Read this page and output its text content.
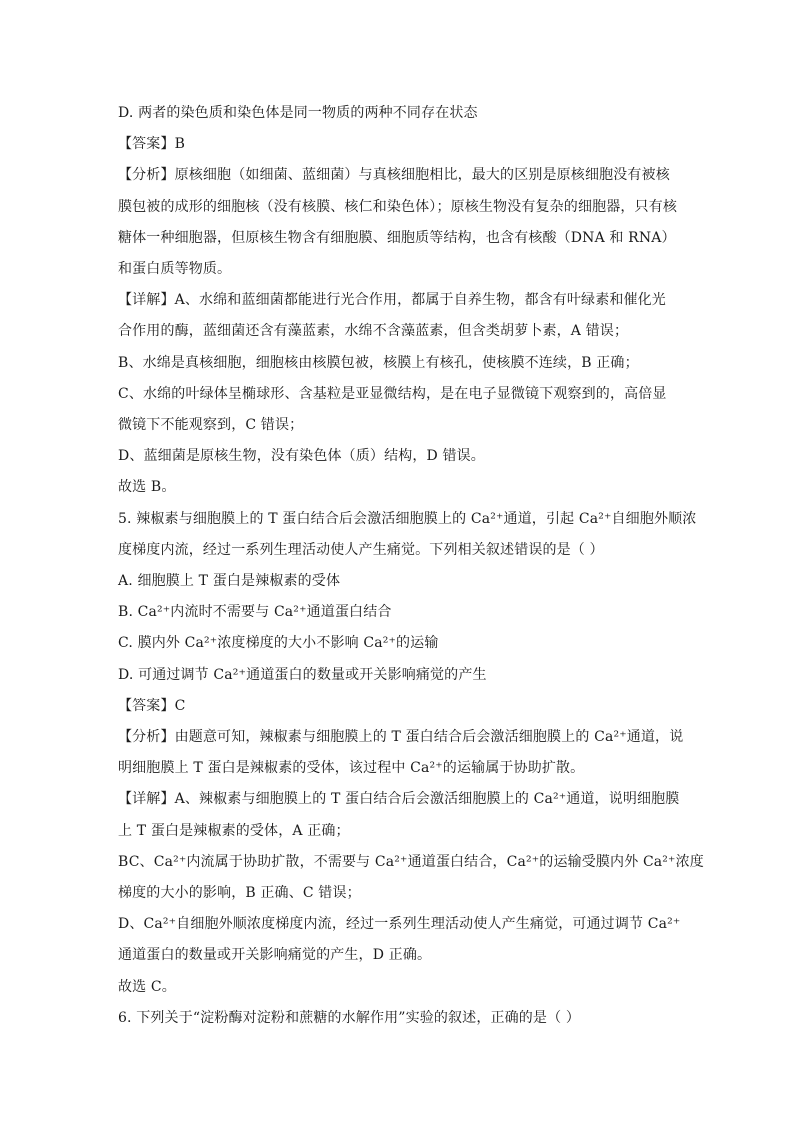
D. 两者的染色质和染色体是同一物质的两种不同存在状态
【答案】B
【分析】原核细胞（如细菌、蓝细菌）与真核细胞相比，最大的区别是原核细胞没有被核
膜包被的成形的细胞核（没有核膜、核仁和染色体）；原核生物没有复杂的细胞器，只有核
糖体一种细胞器，但原核生物含有细胞膜、细胞质等结构，也含有核酸（DNA 和 RNA）
和蛋白质等物质。
【详解】A、水绵和蓝细菌都能进行光合作用，都属于自养生物，都含有叶绿素和催化光
合作用的酶，蓝细菌还含有藻蓝素，水绵不含藻蓝素，但含类胡萝卜素，A 错误；
B、水绵是真核细胞，细胞核由核膜包被，核膜上有核孔，使核膜不连续，B 正确；
C、水绵的叶绿体呈椭球形、含基粒是亚显微结构，是在电子显微镜下观察到的，高倍显
微镜下不能观察到，C 错误；
D、蓝细菌是原核生物，没有染色体（质）结构，D 错误。
故选 B。
5. 辣椒素与细胞膜上的 T 蛋白结合后会激活细胞膜上的 Ca²⁺通道，引起 Ca²⁺自细胞外顺浓
度梯度内流，经过一系列生理活动使人产生痛觉。下列相关叙述错误的是（ ）
A. 细胞膜上 T 蛋白是辣椒素的受体
B. Ca²⁺内流时不需要与 Ca²⁺通道蛋白结合
C. 膜内外 Ca²⁺浓度梯度的大小不影响 Ca²⁺的运输
D. 可通过调节 Ca²⁺通道蛋白的数量或开关影响痛觉的产生
【答案】C
【分析】由题意可知，辣椒素与细胞膜上的 T 蛋白结合后会激活细胞膜上的 Ca²⁺通道，说
明细胞膜上 T 蛋白是辣椒素的受体，该过程中 Ca²⁺的运输属于协助扩散。
【详解】A、辣椒素与细胞膜上的 T 蛋白结合后会激活细胞膜上的 Ca²⁺通道，说明细胞膜
上 T 蛋白是辣椒素的受体，A 正确；
BC、Ca²⁺内流属于协助扩散，不需要与 Ca²⁺通道蛋白结合，Ca²⁺的运输受膜内外 Ca²⁺浓度
梯度的大小的影响，B 正确、C 错误；
D、Ca²⁺自细胞外顺浓度梯度内流，经过一系列生理活动使人产生痛觉，可通过调节 Ca²⁺
通道蛋白的数量或开关影响痛觉的产生，D 正确。
故选 C。
6. 下列关于“淀粉酶对淀粉和蔗糖的水解作用”实验的叙述，正确的是（ ）
